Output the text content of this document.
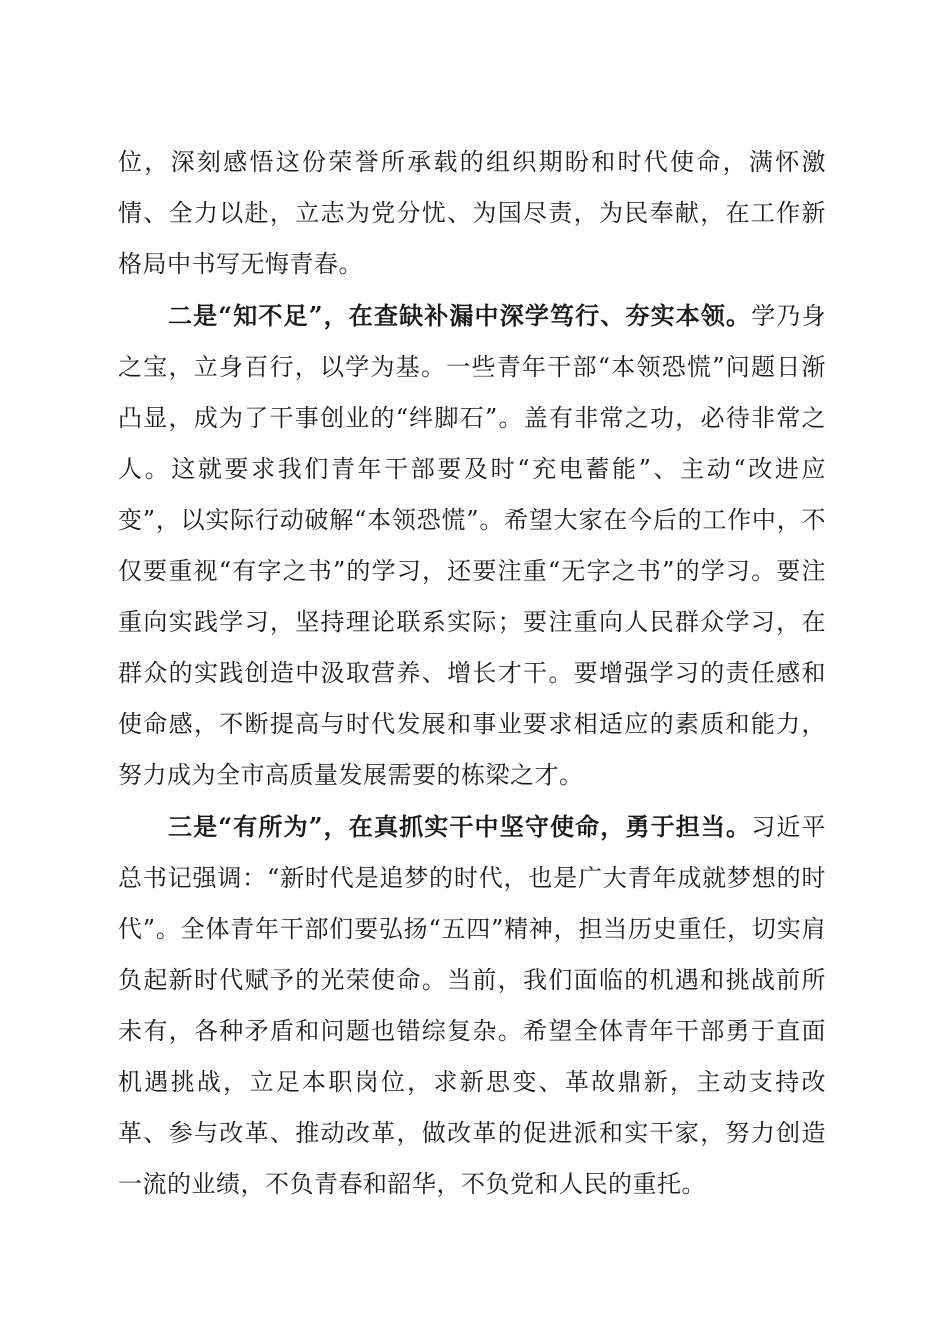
位，深刻感悟这份荣誉所承载的组织期盼和时代使命，满怀激情、全力以赴，立志为党分忧、为国尽责，为民奉献，在工作新格局中书写无悔青春。

二是“知不足”，在查缺补漏中深学笃行、夯实本领。学乃身之宝，立身百行，以学为基。一些青年干部“本领恐慌”问题日渐凸显，成为了干事创业的“绊脚石”。盖有非常之功，必待非常之人。这就要求我们青年干部要及时“充电蓄能”、主动“改进应变”，以实际行动破解“本领恐慌”。希望大家在今后的工作中，不仅要重视“有字之书”的学习，还要注重“无字之书”的学习。要注重向实践学习，坚持理论联系实际；要注重向人民群众学习，在群众的实践创造中汲取营养、增长才干。要增强学习的责任感和使命感，不断提高与时代发展和事业要求相适应的素质和能力，努力成为全市高质量发展需要的栋梁之才。

三是“有所为”，在真抓实干中坚守使命，勇于担当。习近平总书记强调：“新时代是追梦的时代，也是广大青年成就梦想的时代”。全体青年干部们要弘扬“五四”精神，担当历史重任，切实肩负起新时代赋予的光荣使命。当前，我们面临的机遇和挑战前所未有，各种矛盾和问题也错综复杂。希望全体青年干部勇于直面机遇挑战，立足本职岗位，求新思变、革故鼎新，主动支持改革、参与改革、推动改革，做改革的促进派和实干家，努力创造一流的业绩，不负青春和韶华，不负党和人民的重托。
